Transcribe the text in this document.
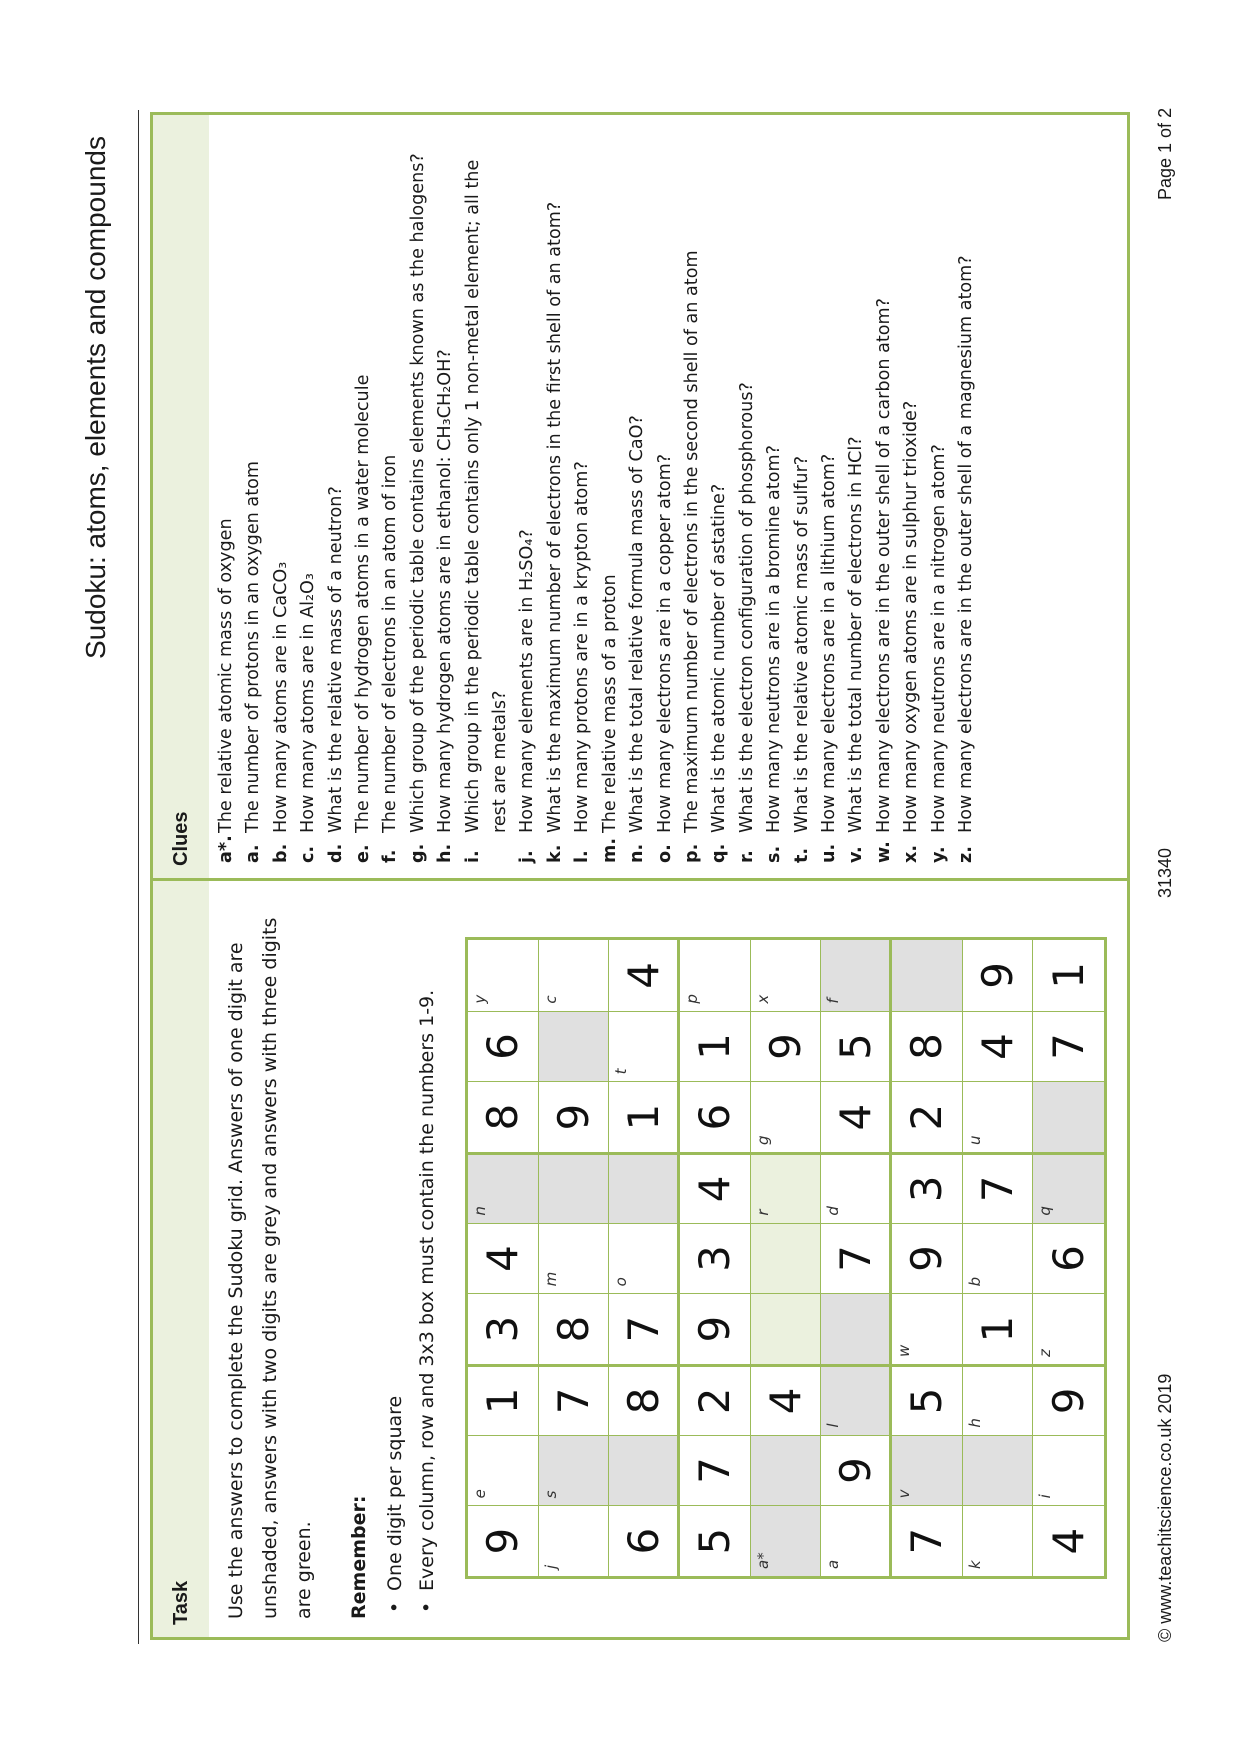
Sudoku: atoms, elements and compounds
Task
Clues
Use the answers to complete the Sudoku grid. Answers of one digit are unshaded, answers with two digits are grey and answers with three digits are green.	Remember: • One digit per square • Every column, row and 3x3 box must contain the numbers 1-9. 9
e
1
3
4
n
8
6
y
j
s
7
8
m
9
c
6
8
7
o
1
t
4
5
7
2
9
3
4
6
1
p
a*
4
r
g
9
x
a
9
l
7
d
4
5
f
7
v
5
w
9
3
2
8
k
h
1
b
7
u
4
9
4
i
9
z
6
q
7
1
a*.
The relative atomic mass of oxygen
a.
The number of protons in an oxygen atom
b.
How many atoms are in CaCO₃
c.
How many atoms are in Al₂O₃
d.
What is the relative mass of a neutron?
e.
The number of hydrogen atoms in a water molecule
f.
The number of electrons in an atom of iron
g.
Which group of the periodic table contains elements known as the halogens?
h.
How many hydrogen atoms are in ethanol: CH₃CH₂OH?
i.
Which group in the periodic table contains only 1 non-metal element; all the rest are metals?
j.
How many elements are in H₂SO₄?
k.
What is the maximum number of electrons in the first shell of an atom?
l.
How many protons are in a krypton atom?
m.
The relative mass of a proton
n.
What is the total relative formula mass of CaO?
o.
How many electrons are in a copper atom?
p.
The maximum number of electrons in the second shell of an atom
q.
What is the atomic number of astatine?
r.
What is the electron configuration of phosphorous?
s.
How many neutrons are in a bromine atom?
t.
What is the relative atomic mass of sulfur?
u.
How many electrons are in a lithium atom?
v.
What is the total number of electrons in HCl?
w.
How many electrons are in the outer shell of a carbon atom?
x.
How many oxygen atoms are in sulphur trioxide?
y.
How many neutrons are in a nitrogen atom?
z.
How many electrons are in the outer shell of a magnesium atom?
© www.teachitscience.co.uk 2019
31340
Page 1 of 2
